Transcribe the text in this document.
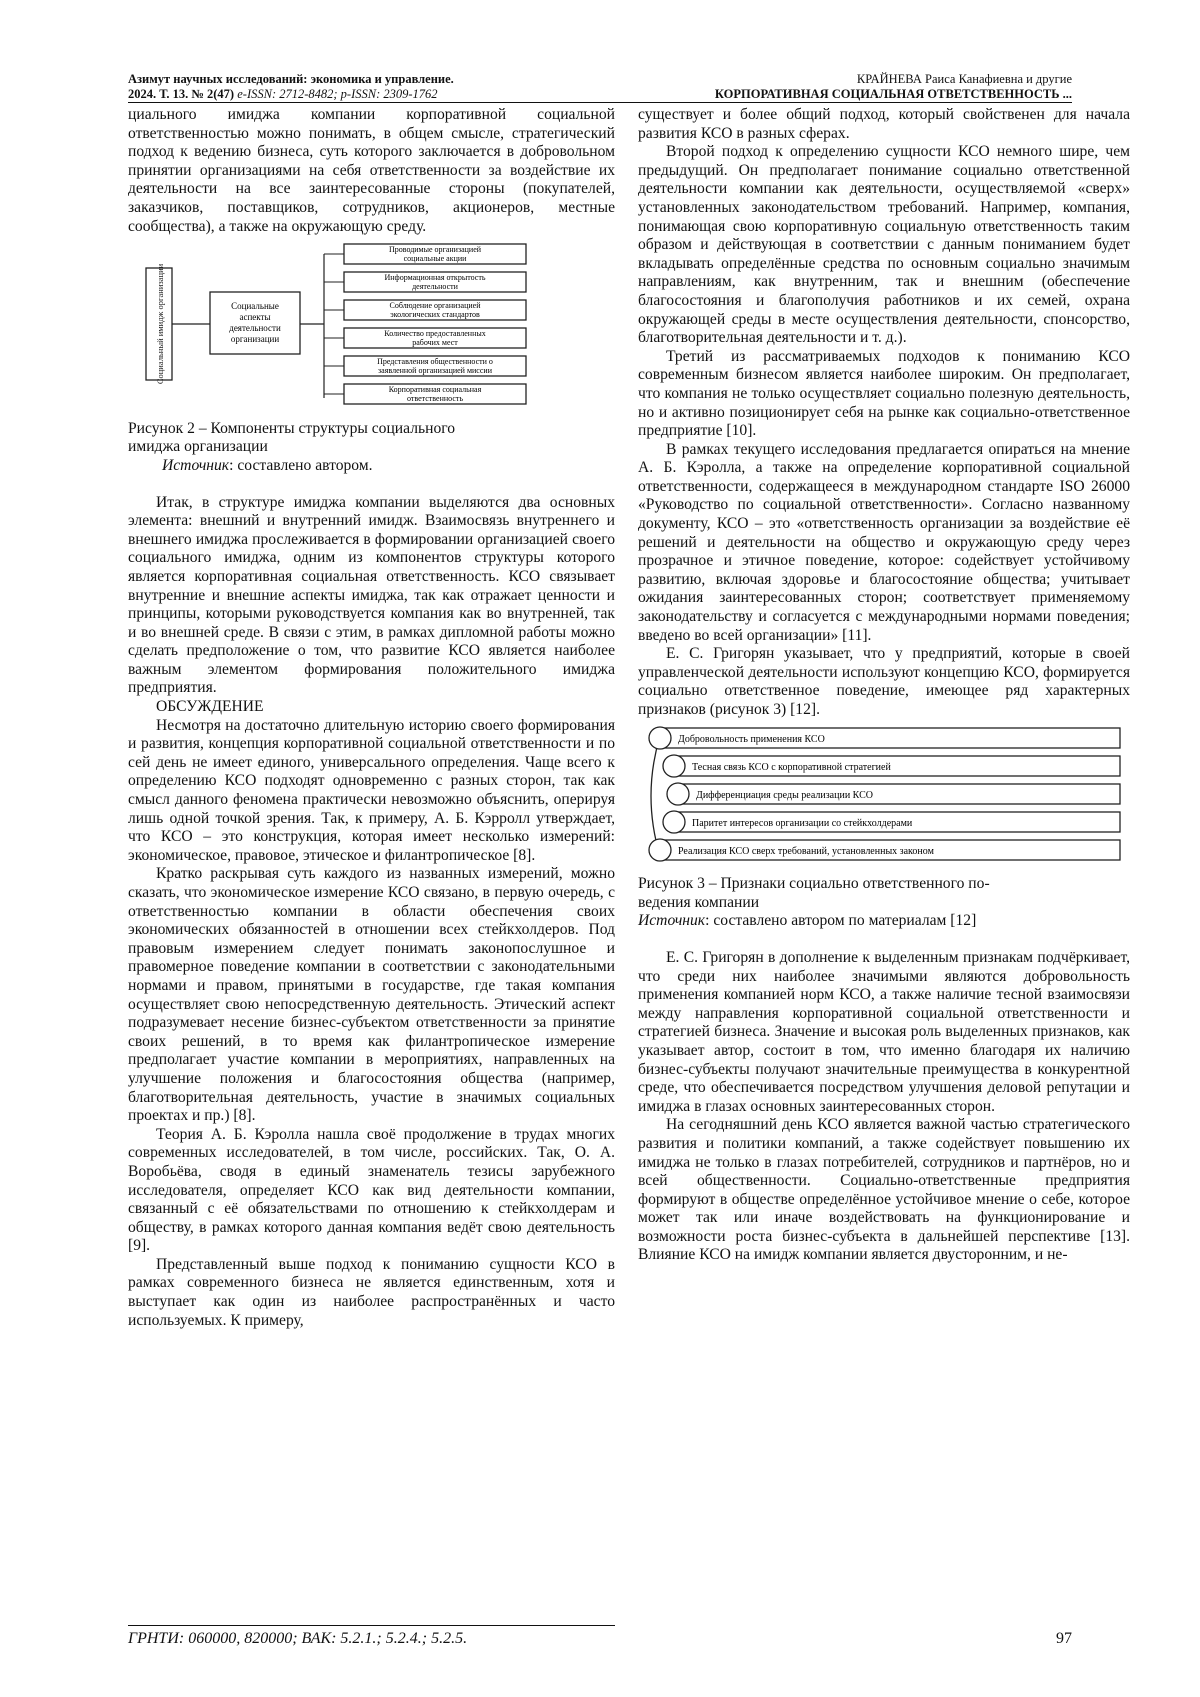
Азимут научных исследований: экономика и управление.
2024. Т. 13. № 2(47) e-ISSN: 2712-8482; p-ISSN: 2309-1762
КРАЙНЕВА Раиса Канафиевна и другие
КОРПОРАТИВНАЯ СОЦИАЛЬНАЯ ОТВЕТСТВЕННОСТЬ ...

циального имиджа компании корпоративной социальной ответственностью можно понимать, в общем смысле, стратегический подход к ведению бизнеса, суть которого заключается в добровольном принятии организациями на себя ответственности за воздействие их деятельности на все заинтересованные стороны (покупателей, заказчиков, поставщиков, сотрудников, акционеров, местные сообщества), а также на окружающую среду.

Социальный имидж организации	Социальные
аспекты
деятельности
организации
Проводимые организацией
социальные акции
Информационная открытость
деятельности
Соблюдение организацией
экологических стандартов
Количество предоставленных
рабочих мест
Представления общественности о
заявленной организацией миссии
Корпоративная социальная
ответственность

Рисунок 2 – Компоненты структуры социального
имиджа организации

Источник: составлено автором.

Итак, в структуре имиджа компании выделяются два основных элемента: внешний и внутренний имидж. Взаимосвязь внутреннего и внешнего имиджа прослеживается в формировании организацией своего социального имиджа, одним из компонентов структуры которого является корпоративная социальная ответственность. КСО связывает внутренние и внешние аспекты имиджа, так как отражает ценности и принципы, которыми руководствуется компания как во внутренней, так и во внешней среде. В связи с этим, в рамках дипломной работы можно сделать предположение о том, что развитие КСО является наиболее важным элементом формирования положительного имиджа предприятия.

ОБСУЖДЕНИЕ

Несмотря на достаточно длительную историю своего формирования и развития, концепция корпоративной социальной ответственности и по сей день не имеет единого, универсального определения. Чаще всего к определению КСО подходят одновременно с разных сторон, так как смысл данного феномена практически невозможно объяснить, оперируя лишь одной точкой зрения. Так, к примеру, А. Б. Кэрролл утверждает, что КСО – это конструкция, которая имеет несколько измерений: экономическое, правовое, этическое и филантропическое [8].

Кратко раскрывая суть каждого из названных измерений, можно сказать, что экономическое измерение КСО связано, в первую очередь, с ответственностью компании в области обеспечения своих экономических обязанностей в отношении всех стейкхолдеров. Под правовым измерением следует понимать законопослушное и правомерное поведение компании в соответствии с законодательными нормами и правом, принятыми в государстве, где такая компания осуществляет свою непосредственную деятельность. Этический аспект подразумевает несение бизнес-субъектом ответственности за принятие своих решений, в то время как филантропическое измерение предполагает участие компании в мероприятиях, направленных на улучшение положения и благосостояния общества (например, благотворительная деятельность, участие в значимых социальных проектах и пр.) [8].

Теория А. Б. Кэролла нашла своё продолжение в трудах многих современных исследователей, в том числе, российских. Так, О. А. Воробьёва, сводя в единый знаменатель тезисы зарубежного исследователя, определяет КСО как вид деятельности компании, связанный с её обязательствами по отношению к стейкхолдерам и обществу, в рамках которого данная компания ведёт свою деятельность [9].

Представленный выше подход к пониманию сущности КСО в рамках современного бизнеса не является единственным, хотя и выступает как один из наиболее распространённых и часто используемых. К примеру,

существует и более общий подход, который свойственен для начала развития КСО в разных сферах.

Второй подход к определению сущности КСО немного шире, чем предыдущий. Он предполагает понимание социально ответственной деятельности компании как деятельности, осуществляемой «сверх» установленных законодательством требований. Например, компания, понимающая свою корпоративную социальную ответственность таким образом и действующая в соответствии с данным пониманием будет вкладывать определённые средства по основным социально значимым направлениям, как внутренним, так и внешним (обеспечение благосостояния и благополучия работников и их семей, охрана окружающей среды в месте осуществления деятельности, спонсорство, благотворительная деятельности и т. д.).

Третий из рассматриваемых подходов к пониманию КСО современным бизнесом является наиболее широким. Он предполагает, что компания не только осуществляет социально полезную деятельность, но и активно позиционирует себя на рынке как социально-ответственное предприятие [10].

В рамках текущего исследования предлагается опираться на мнение А. Б. Кэролла, а также на определение корпоративной социальной ответственности, содержащееся в международном стандарте ISO 26000 «Руководство по социальной ответственности». Согласно названному документу, КСО – это «ответственность организации за воздействие её решений и деятельности на общество и окружающую среду через прозрачное и этичное поведение, которое: содействует устойчивому развитию, включая здоровье и благосостояние общества; учитывает ожидания заинтересованных сторон; соответствует применяемому законодательству и согласуется с международными нормами поведения; введено во всей организации» [11].

Е. С. Григорян указывает, что у предприятий, которые в своей управленческой деятельности используют концепцию КСО, формируется социально ответственное поведение, имеющее ряд характерных признаков (рисунок 3) [12].

Добровольность применения КСО
Тесная связь КСО с корпоративной стратегией
Дифференциация среды реализации КСО
Паритет интересов организации со стейкхолдерами
Реализация КСО сверх требований, установленных законом

Рисунок 3 – Признаки социально ответственного по-
ведения компании

Источник: составлено автором по материалам [12]

Е. С. Григорян в дополнение к выделенным признакам подчёркивает, что среди них наиболее значимыми являются добровольность применения компанией норм КСО, а также наличие тесной взаимосвязи между направления корпоративной социальной ответственности и стратегией бизнеса. Значение и высокая роль выделенных признаков, как указывает автор, состоит в том, что именно благодаря их наличию бизнес-субъекты получают значительные преимущества в конкурентной среде, что обеспечивается посредством улучшения деловой репутации и имиджа в глазах основных заинтересованных сторон.

На сегодняшний день КСО является важной частью стратегического развития и политики компаний, а также содействует повышению их имиджа не только в глазах потребителей, сотрудников и партнёров, но и всей общественности. Социально-ответственные предприятия формируют в обществе определённое устойчивое мнение о себе, которое может так или иначе воздействовать на функционирование и возможности роста бизнес-субъекта в дальнейшей перспективе [13]. Влияние КСО на имидж компании является двусторонним, и не-

ГРНТИ: 060000, 820000; ВАК: 5.2.1.; 5.2.4.; 5.2.5.	97
